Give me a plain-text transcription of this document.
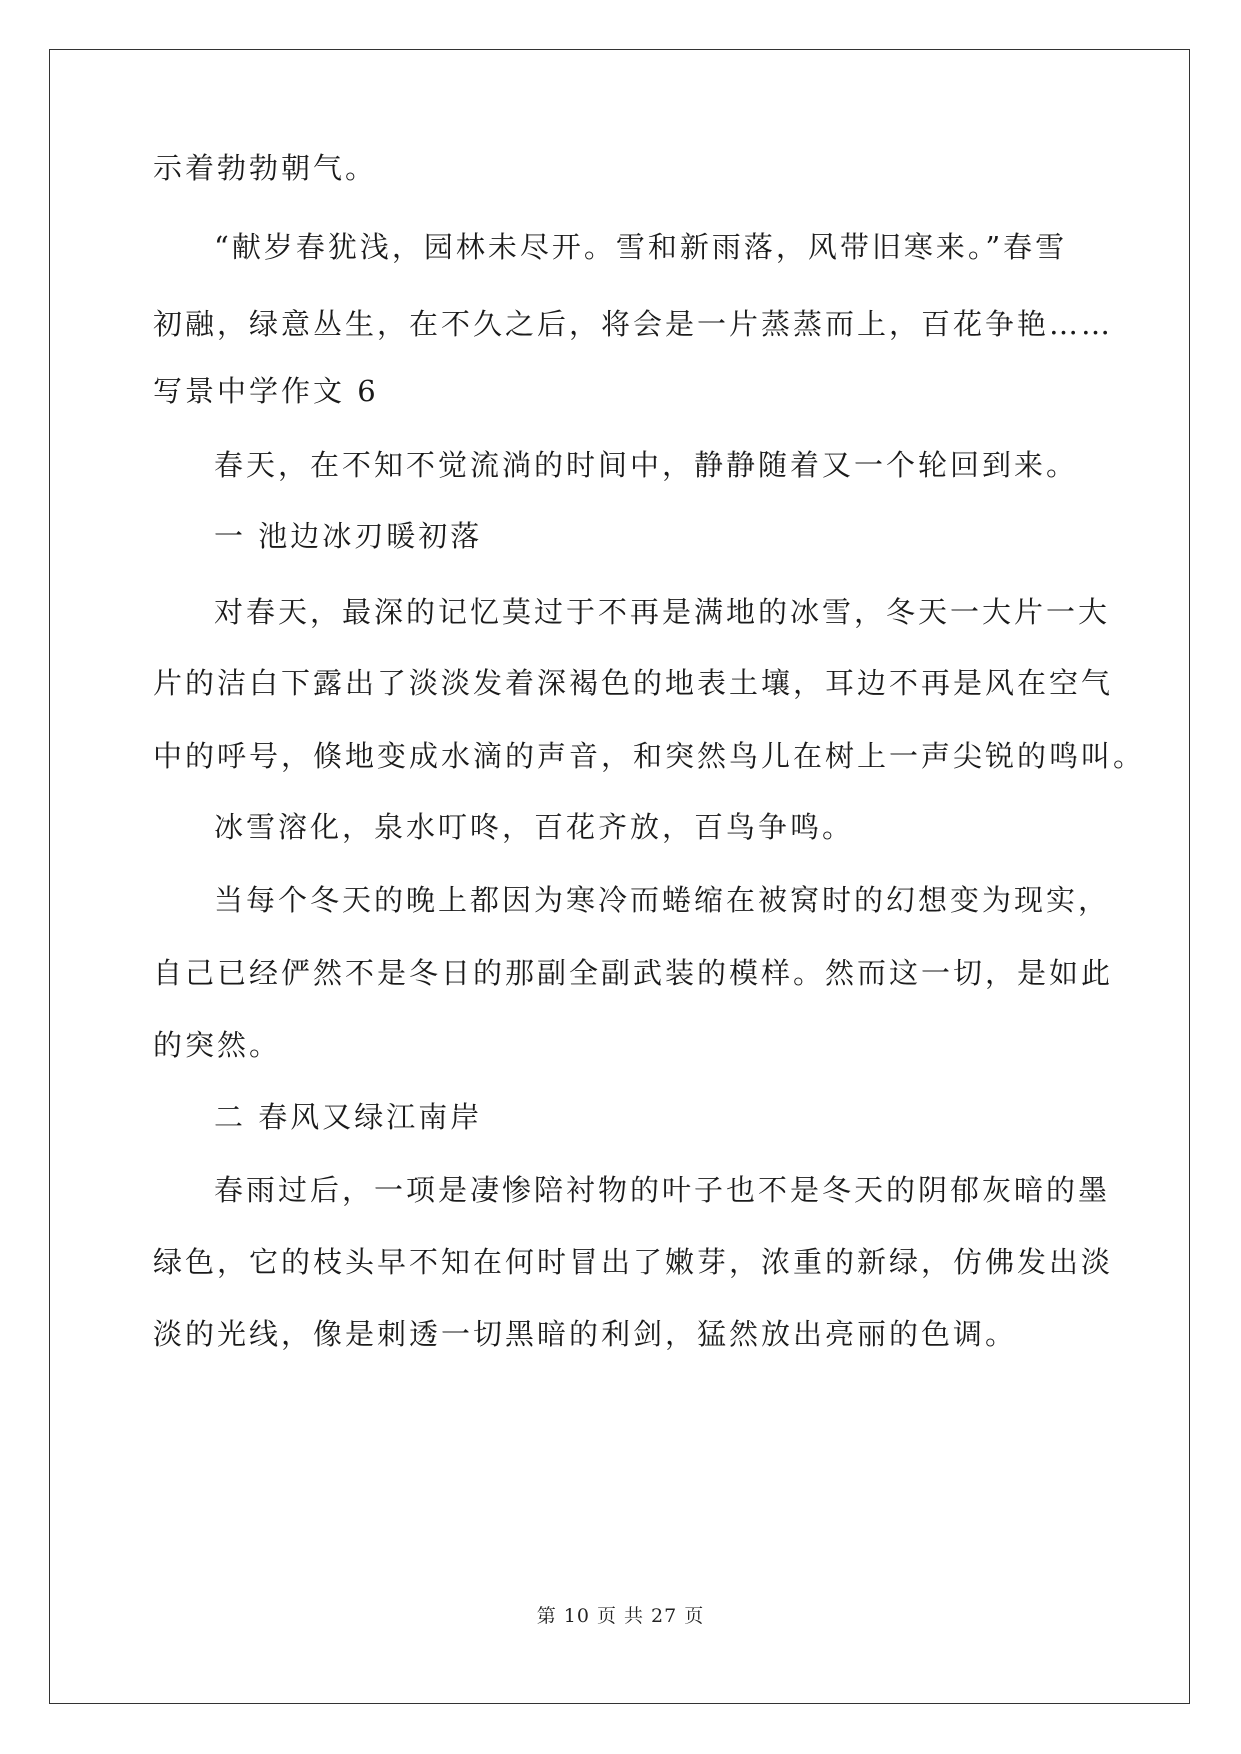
示着勃勃朝气。
“献岁春犹浅，园林未尽开。雪和新雨落，风带旧寒来。”春雪
初融，绿意丛生，在不久之后，将会是一片蒸蒸而上，百花争艳……
写景中学作文 6
春天，在不知不觉流淌的时间中，静静随着又一个轮回到来。
一 池边冰刃暖初落
对春天，最深的记忆莫过于不再是满地的冰雪，冬天一大片一大
片的洁白下露出了淡淡发着深褐色的地表土壤，耳边不再是风在空气
中的呼号，倏地变成水滴的声音，和突然鸟儿在树上一声尖锐的鸣叫。
冰雪溶化，泉水叮咚，百花齐放，百鸟争鸣。
当每个冬天的晚上都因为寒冷而蜷缩在被窝时的幻想变为现实，
自己已经俨然不是冬日的那副全副武装的模样。然而这一切，是如此
的突然。
二 春风又绿江南岸
春雨过后，一项是凄惨陪衬物的叶子也不是冬天的阴郁灰暗的墨
绿色，它的枝头早不知在何时冒出了嫩芽，浓重的新绿，仿佛发出淡
淡的光线，像是刺透一切黑暗的利剑，猛然放出亮丽的色调。
第 10 页 共 27 页
